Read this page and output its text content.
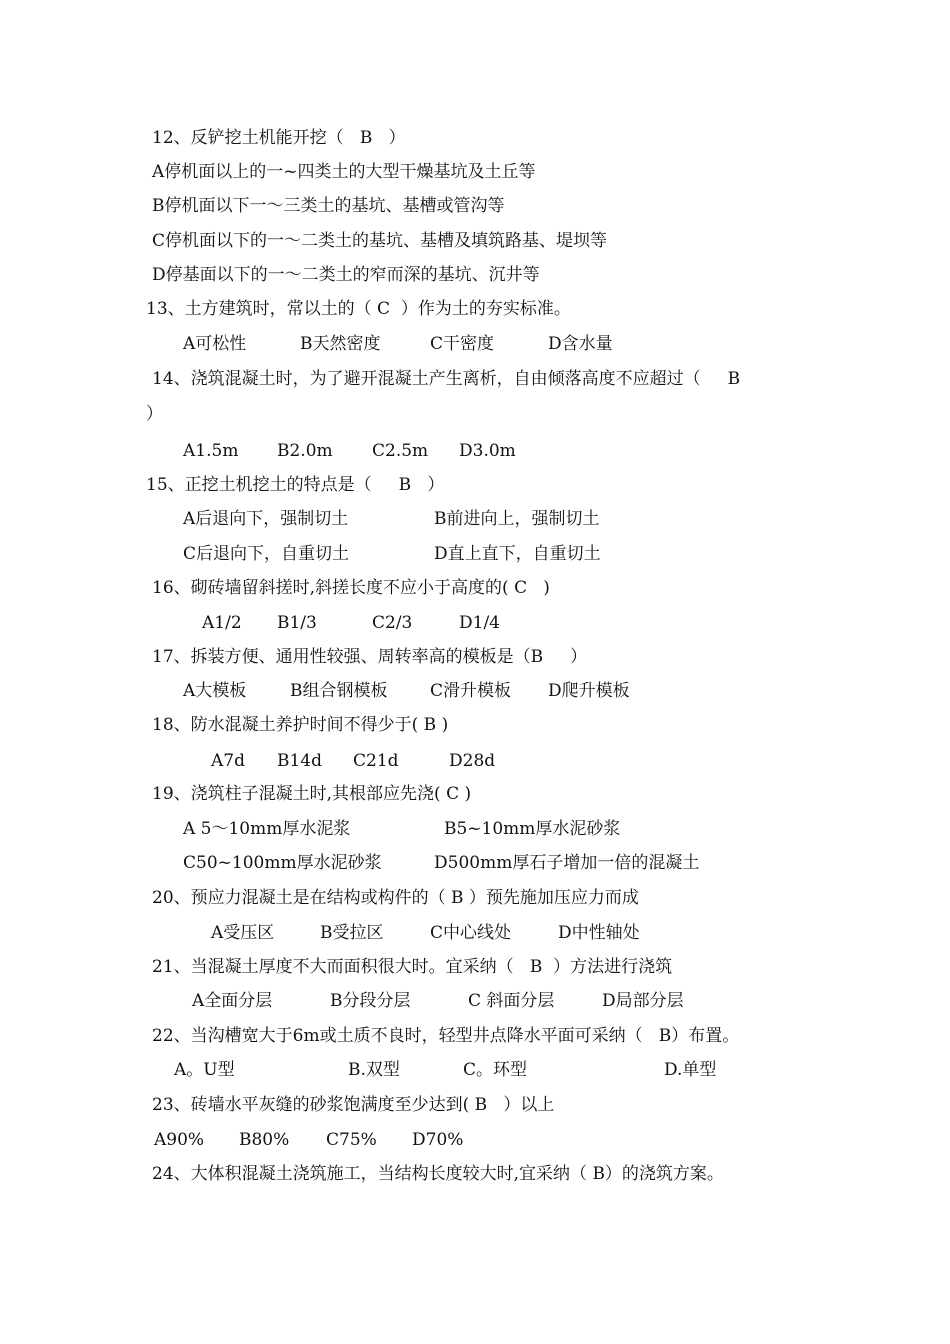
12、反铲挖土机能开挖（   B   ）
A停机面以上的一~四类土的大型干燥基坑及土丘等
B停机面以下一～三类土的基坑、基槽或管沟等
C停机面以下的一～二类土的基坑、基槽及填筑路基、堤坝等
D停基面以下的一～二类土的窄而深的基坑、沉井等
13、土方建筑时，常以土的（ C  ）作为土的夯实标准。
A可松性	B天然密度	C干密度	D含水量
14、浇筑混凝土时，为了避开混凝土产生离析，自由倾落高度不应超过（     B
）
A1.5m B2.0m C2.5m D3.0m
15、正挖土机挖土的特点是（     B   ）
A后退向下，强制切土	B前进向上，强制切土
C后退向下，自重切土	D直上直下，自重切土
16、砌砖墙留斜搓时,斜搓长度不应小于高度的( C   )
A1/2 B1/3	C2/3	D1/4
17、拆装方便、通用性较强、周转率高的模板是（B     ）
A大模板	B组合钢模板	C滑升模板 D爬升模板
18、防水混凝土养护时间不得少于( B )
A7d B14d C21d	D28d
19、浇筑柱子混凝土时,其根部应先浇( C )
A 5～10mm厚水泥浆	B5~10mm厚水泥砂浆
C50~100mm厚水泥砂浆	D500mm厚石子增加一倍的混凝土
20、预应力混凝土是在结构或构件的（ B ）预先施加压应力而成
A受压区	B受拉区	C中心线处	D中性轴处
21、当混凝土厚度不大而面积很大时。宜采纳（   B  ）方法进行浇筑
A全面分层	B分段分层	C 斜面分层	D局部分层
22、当沟槽宽大于6m或土质不良时，轻型井点降水平面可采纳（   B）布置。
A。U型	B.双型	C。环型	D.单型
23、砖墙水平灰缝的砂浆饱满度至少达到( B   ）以上
A90% B80% C75% D70%
24、大体积混凝土浇筑施工，当结构长度较大时,宜采纳（ B）的浇筑方案。
